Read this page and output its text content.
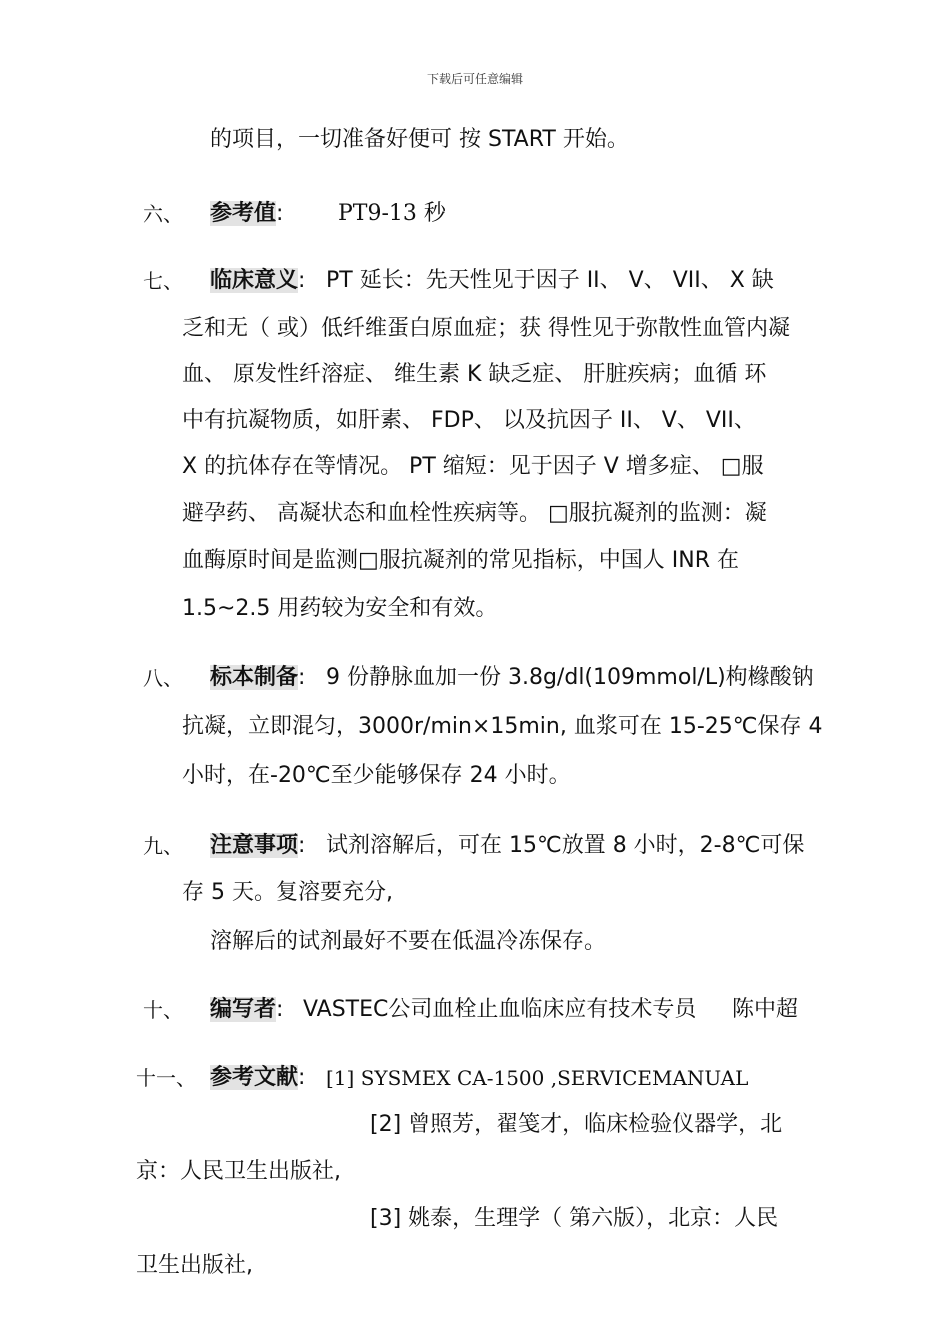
下载后可任意编辑
的项目，一切准备好便可 按 START 开始。
六、 参考值: PT9-13 秒
七、 临床意义: PT 延长：先天性见于因子 II、 V、 VII、 X 缺
乏和无（ 或）低纤维蛋白原血症；获 得性见于弥散性血管内凝
血、 原发性纤溶症、 维生素 K 缺乏症、 肝脏疾病；血循 环
中有抗凝物质，如肝素、 FDP、 以及抗因子 II、 V、 VII、
X 的抗体存在等情况。 PT 缩短：见于因子 V 增多症、 □服
避孕药、 高凝状态和血栓性疾病等。 □服抗凝剂的监测：凝
血酶原时间是监测□服抗凝剂的常见指标，中国人 INR 在
1.5~2.5 用药较为安全和有效。
八、 标本制备: 9 份静脉血加一份 3.8g/dl(109mmol/L)枸橼酸钠
抗凝，立即混匀，3000r/min×15min, 血浆可在 15-25℃保存 4
小时，在-20℃至少能够保存 24 小时。
九、 注意事项: 试剂溶解后，可在 15℃放置 8 小时，2-8℃可保
存 5 天。复溶要充分,
溶解后的试剂最好不要在低温冷冻保存。
十、 编写者: VASTEC公司血栓止血临床应有技术专员 陈中超
十一、 参考文献: [1] SYSMEX CA-1500 ,SERVICEMANUAL
[2] 曾照芳，翟笺才，临床检验仪器学，北
京：人民卫生出版社,
[3] 姚泰，生理学（ 第六版），北京：人民
卫生出版社,
